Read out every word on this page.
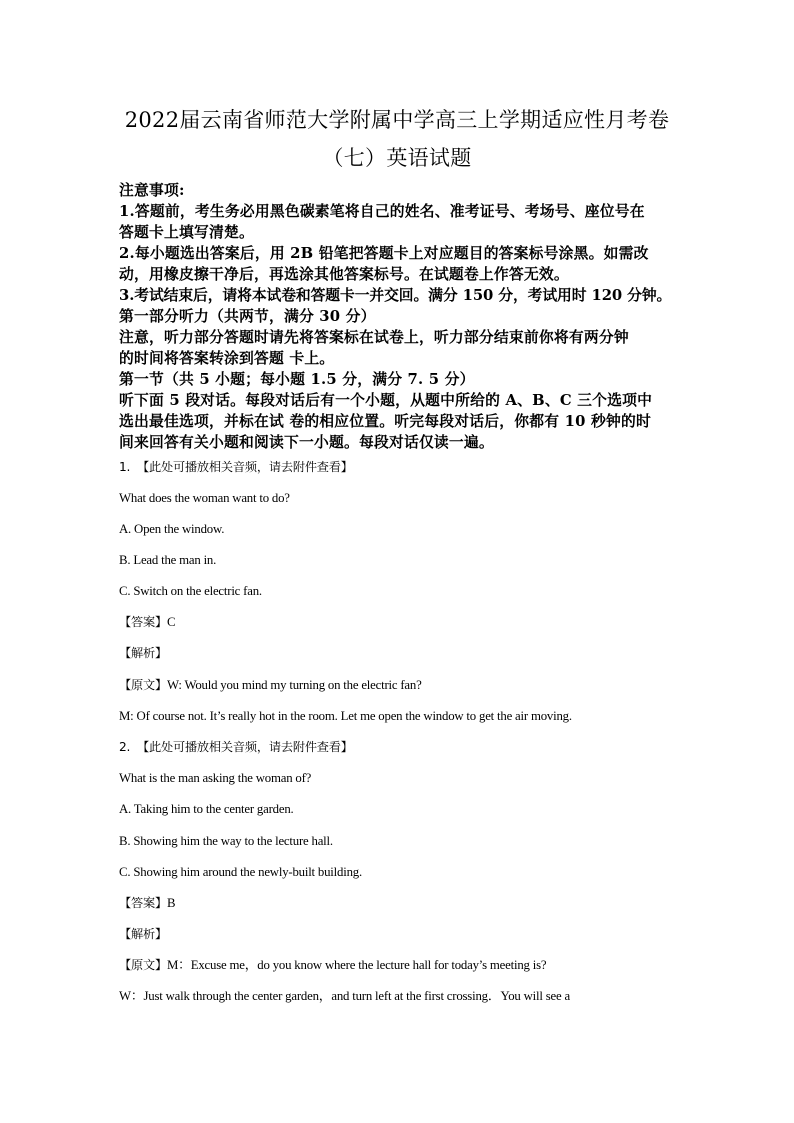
2022届云南省师范大学附属中学高三上学期适应性月考卷
（七）英语试题
注意事项:
1.答题前，考生务必用黑色碳素笔将自己的姓名、准考证号、考场号、座位号在
答题卡上填写清楚。
2.每小题选出答案后，用 2B 铅笔把答题卡上对应题目的答案标号涂黑。如需改
动，用橡皮擦干净后，再选涂其他答案标号。在试题卷上作答无效。
3.考试结束后，请将本试卷和答题卡一并交回。满分 150 分，考试用时 120 分钟。
第一部分听力（共两节，满分 30 分）
注意，听力部分答题时请先将答案标在试卷上，听力部分结束前你将有两分钟
的时间将答案转涂到答题 卡上。
第一节（共 5 小题；每小题 1.5 分，满分 7. 5 分）
听下面 5 段对话。每段对话后有一个小题，从题中所给的 A、B、C 三个选项中
选出最佳选项，并标在试 卷的相应位置。听完每段对话后，你都有 10 秒钟的时
间来回答有关小题和阅读下一小题。每段对话仅读一遍。
1. 【此处可播放相关音频，请去附件查看】
What does the woman want to do?
A. Open the window.
B. Lead the man in.
C. Switch on the electric fan.
【答案】C
【解析】
【原文】W: Would you mind my turning on the electric fan?
M: Of course not. It’s really hot in the room. Let me open the window to get the air moving.
2. 【此处可播放相关音频，请去附件查看】
What is the man asking the woman of?
A. Taking him to the center garden.
B. Showing him the way to the lecture hall.
C. Showing him around the newly-built building.
【答案】B
【解析】
【原文】M：Excuse me，do you know where the lecture hall for today’s meeting is?
W：Just walk through the center garden，and turn left at the first crossing．You will see a
